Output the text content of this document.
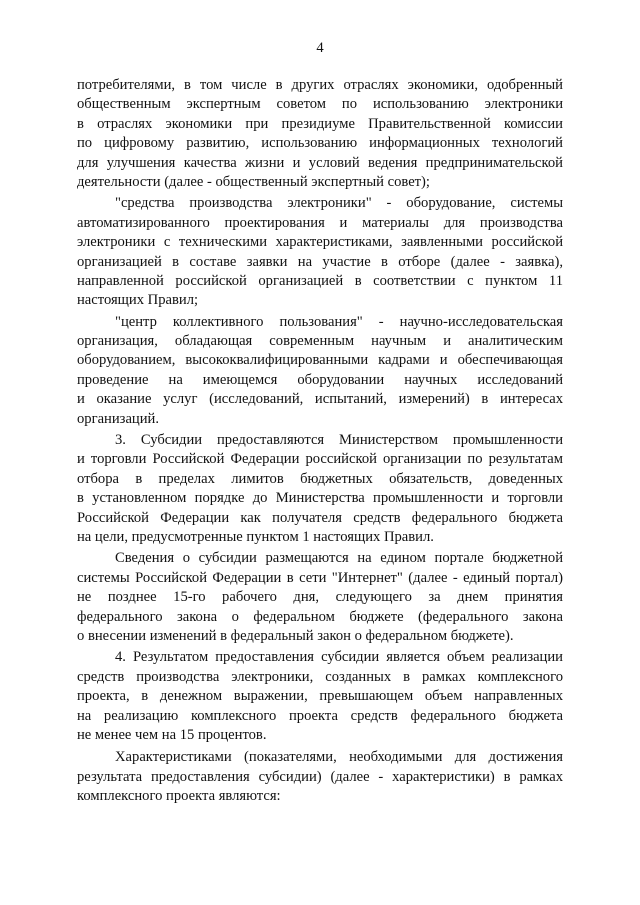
4
потребителями, в том числе в других отраслях экономики, одобренный
общественным экспертным советом по использованию электроники
в отраслях экономики при президиуме Правительственной комиссии
по цифровому развитию, использованию информационных технологий
для улучшения качества жизни и условий ведения предпринимательской
деятельности (далее - общественный экспертный совет);
"средства производства электроники" - оборудование, системы
автоматизированного проектирования и материалы для производства
электроники с техническими характеристиками, заявленными российской
организацией в составе заявки на участие в отборе (далее - заявка),
направленной российской организацией в соответствии с пунктом 11
настоящих Правил;
"центр коллективного пользования" - научно-исследовательская
организация, обладающая современным научным и аналитическим
оборудованием, высококвалифицированными кадрами и обеспечивающая
проведение на имеющемся оборудовании научных исследований
и оказание услуг (исследований, испытаний, измерений) в интересах
организаций.
3. Субсидии предоставляются Министерством промышленности
и торговли Российской Федерации российской организации по результатам
отбора в пределах лимитов бюджетных обязательств, доведенных
в установленном порядке до Министерства промышленности и торговли
Российской Федерации как получателя средств федерального бюджета
на цели, предусмотренные пунктом 1 настоящих Правил.
Сведения о субсидии размещаются на едином портале бюджетной
системы Российской Федерации в сети "Интернет" (далее - единый портал)
не позднее 15-го рабочего дня, следующего за днем принятия
федерального закона о федеральном бюджете (федерального закона
о внесении изменений в федеральный закон о федеральном бюджете).
4. Результатом предоставления субсидии является объем реализации
средств производства электроники, созданных в рамках комплексного
проекта, в денежном выражении, превышающем объем направленных
на реализацию комплексного проекта средств федерального бюджета
не менее чем на 15 процентов.
Характеристиками (показателями, необходимыми для достижения
результата предоставления субсидии) (далее - характеристики) в рамках
комплексного проекта являются:
